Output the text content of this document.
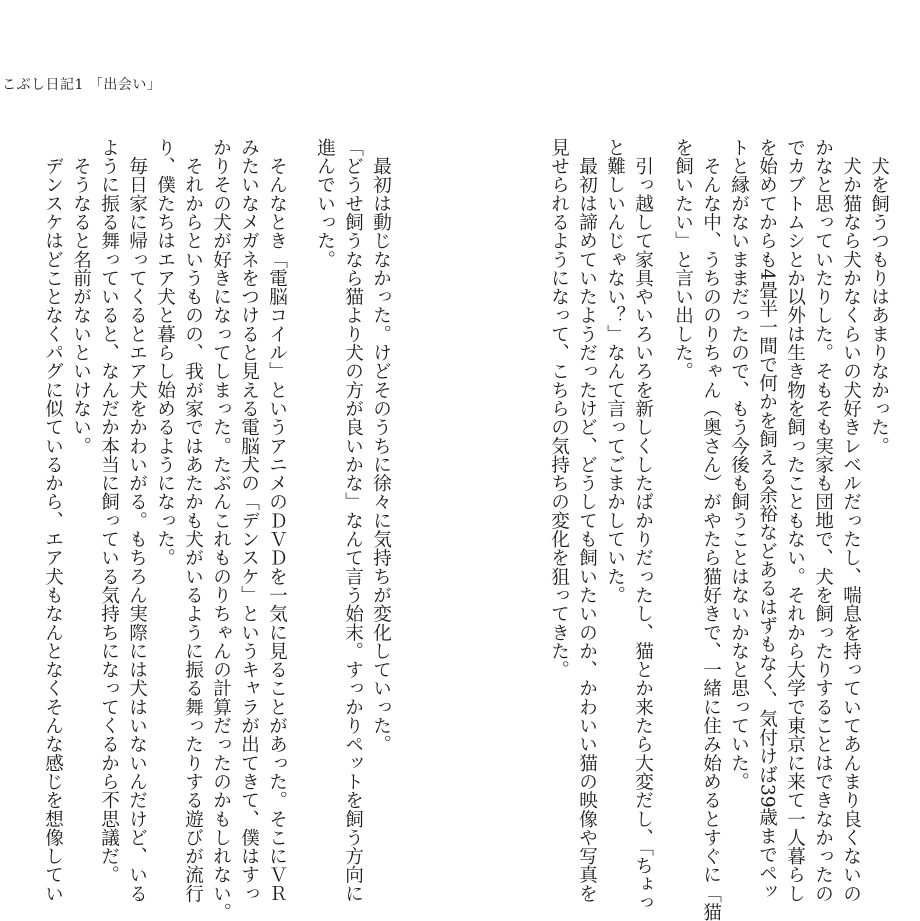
こぶし日記1 「出会い」
　犬を飼うつもりはあまりなかった。
　犬か猫なら犬かなくらいの犬好きレベルだったし、喘息を持っていてあんまり良くないの
かなと思っていたりした。そもそも実家も団地で、犬を飼ったりすることはできなかったの
でカブトムシとか以外は生き物を飼ったこともない。それから大学で東京に来て一人暮らし
を始めてからも4畳半一間で何かを飼える余裕などあるはずもなく、気付けば39歳までペッ
トと縁がないままだったので、もう今後も飼うことはないかなと思っていた。
　そんな中、うちののりちゃん（奥さん）がやたら猫好きで、一緒に住み始めるとすぐに「猫
を飼いたい」と言い出した。
　引っ越して家具やいろいろを新しくしたばかりだったし、猫とか来たら大変だし、「ちょっ
と難しいんじゃない？」なんて言ってごまかしていた。
　最初は諦めていたようだったけど、どうしても飼いたいのか、かわいい猫の映像や写真を
見せられるようになって、こちらの気持ちの変化を狙ってきた。
　最初は動じなかった。けどそのうちに徐々に気持ちが変化していった。
「どうせ飼うなら猫より犬の方が良いかな」なんて言う始末。すっかりペットを飼う方向に
進んでいった。
　そんなとき「電脳コイル」というアニメのＤＶＤを一気に見ることがあった。そこにＶＲ
みたいなメガネをつけると見える電脳犬の「デンスケ」というキャラが出てきて、僕はすっ
かりその犬が好きになってしまった。たぶんこれものりちゃんの計算だったのかもしれない。
　それからというものの、我が家ではあたかも犬がいるように振る舞ったりする遊びが流行
り、僕たちはエア犬と暮らし始めるようになった。
　毎日家に帰ってくるとエア犬をかわいがる。もちろん実際には犬はいないんだけど、いる
ように振る舞っていると、なんだか本当に飼っている気持ちになってくるから不思議だ。
　そうなると名前がないといけない。
　デンスケはどことなくパグに似ているから、エア犬もなんとなくそんな感じを想像してい
